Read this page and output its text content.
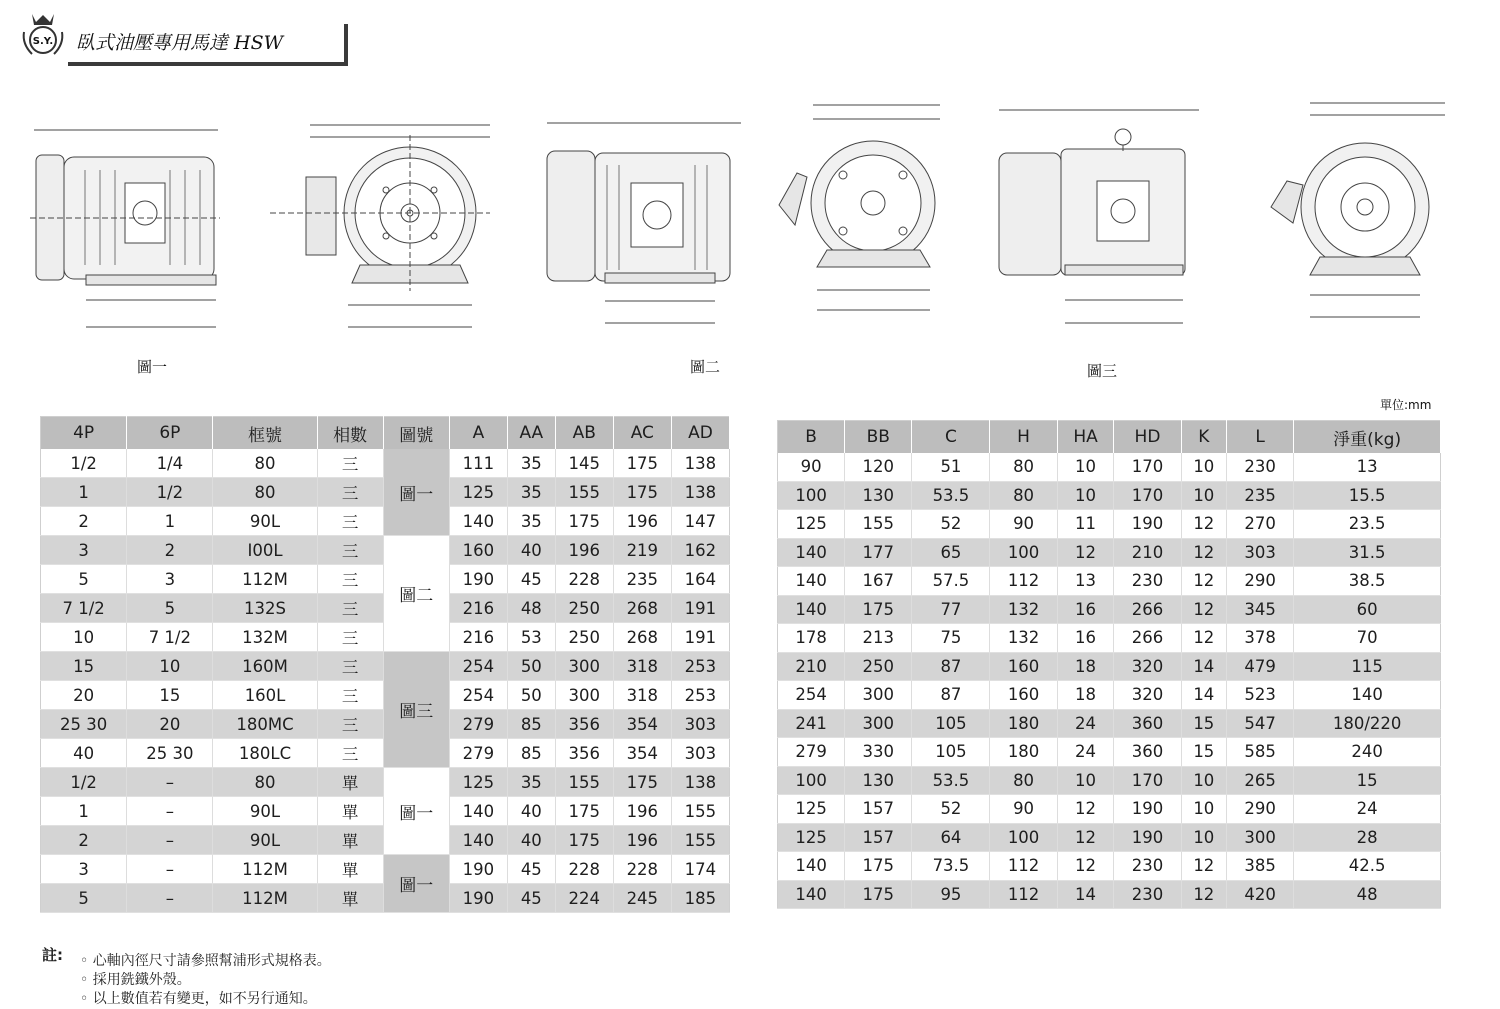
S.Y. 臥式油壓專用馬達 HSW
圖一	圖二	圖三
單位:mm
4P	6P	框號	相數	圖號	A	AA	AB	AC	AD
1/2	1/4	80	三	圖一	111	35	145	175	138
1	1/2	80	三		125	35	155	175	138
2	1	90L	三		140	35	175	196	147
3	2	I00L	三	圖二	160	40	196	219	162
5	3	112M	三		190	45	228	235	164
7 1/2	5	132S	三		216	48	250	268	191
10	7 1/2	132M	三		216	53	250	268	191
15	10	160M	三	圖三	254	50	300	318	253
20	15	160L	三		254	50	300	318	253
25 30	20	180MC	三		279	85	356	354	303
40	25 30	180LC	三		279	85	356	354	303
1/2	–	80	單	圖一	125	35	155	175	138
1	–	90L	單		140	40	175	196	155
2	–	90L	單		140	40	175	196	155
3	–	112M	單	圖一	190	45	228	228	174
5	–	112M	單		190	45	224	245	185
B	BB	C	H	HA	HD	K	L	淨重(kg)
90	120	51	80	10	170	10	230	13
100	130	53.5	80	10	170	10	235	15.5
125	155	52	90	11	190	12	270	23.5
140	177	65	100	12	210	12	303	31.5
140	167	57.5	112	13	230	12	290	38.5
140	175	77	132	16	266	12	345	60
178	213	75	132	16	266	12	378	70
210	250	87	160	18	320	14	479	115
254	300	87	160	18	320	14	523	140
241	300	105	180	24	360	15	547	180/220
279	330	105	180	24	360	15	585	240
100	130	53.5	80	10	170	10	265	15
125	157	52	90	12	190	10	290	24
125	157	64	100	12	190	10	300	28
140	175	73.5	112	12	230	12	385	42.5
140	175	95	112	14	230	12	420	48
註:	◦ 心軸內徑尺寸請參照幫浦形式規格表。
◦ 採用銑鐵外殼。
◦ 以上數值若有變更，如不另行通知。
